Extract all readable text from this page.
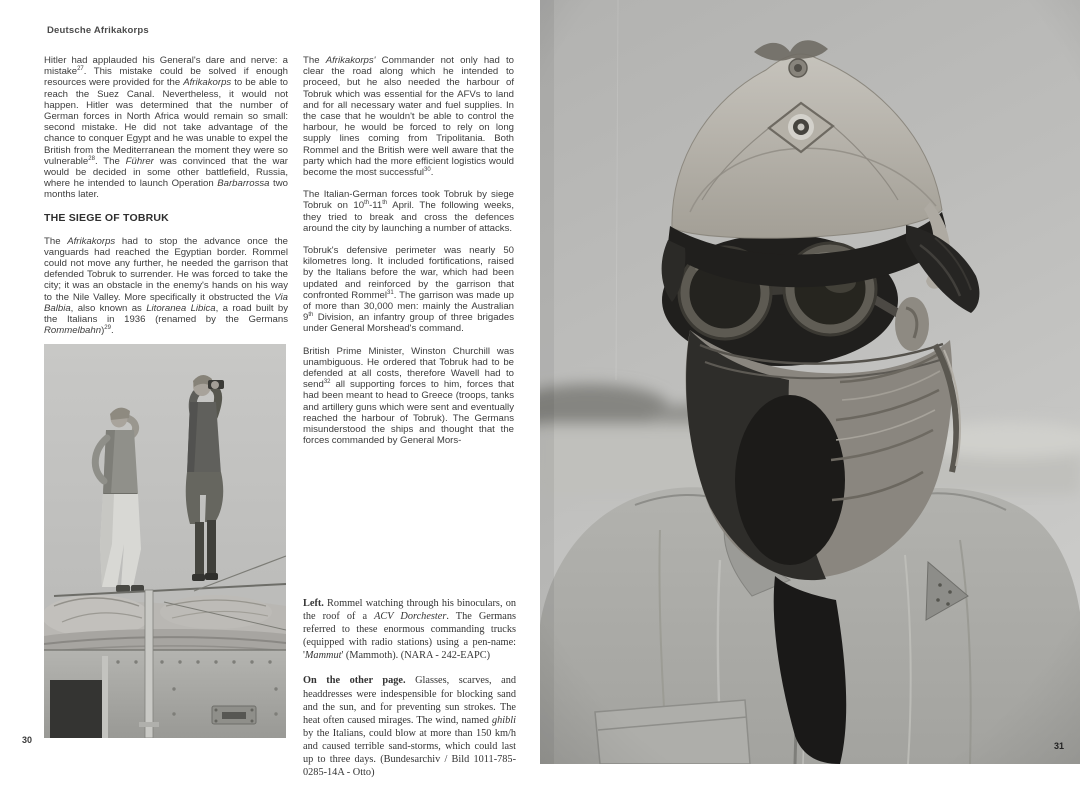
Deutsche Afrikakorps

Hitler had applauded his General's dare and nerve: a mistake$^{27}$. This mistake could be solved if enough resources were provided for the Afrikakorps to be able to reach the Suez Canal. Nevertheless, it would not happen. Hitler was determined that the number of German forces in North Africa would remain so small: second mistake. He did not take advantage of the chance to conquer Egypt and he was unable to expel the British from the Mediterranean the moment they were so vulnerable$^{28}$. The Führer was convinced that the war would be decided in some other battlefield, Russia, where he intended to launch Operation Barbarrossa two months later.

THE SIEGE OF TOBRUK

The Afrikakorps had to stop the advance once the vanguards had reached the Egyptian border. Rommel could not move any further, he needed the garrison that defended Tobruk to surrender. He was forced to take the city; it was an obstacle in the enemy's hands on his way to the Nile Valley. More specifically it obstructed the Via Balbia, also known as Litoranea Libica, a road built by the Italians in 1936 (renamed by the Germans Rommelbahn)$^{29}$.

The Afrikakorps' Commander not only had to clear the road along which he intended to proceed, but he also needed the harbour of Tobruk which was essential for the AFVs to land and for all necessary water and fuel supplies. In the case that he wouldn't be able to control the harbour, he would be forced to rely on long supply lines coming from Tripolitania. Both Rommel and the British were well aware that the party which had the more efficient logistics would become the most successful$^{30}$.

The Italian-German forces took Tobruk by siege Tobruk on 10th-11th April. The following weeks, they tried to break and cross the defences around the city by launching a number of attacks.

Tobruk's defensive perimeter was nearly 50 kilometres long. It included fortifications, raised by the Italians before the war, which had been updated and reinforced by the garrison that confronted Rommel$^{31}$. The garrison was made up of more than 30,000 men: mainly the Australian 9th Division, an infantry group of three brigades under General Morshead's command.

British Prime Minister, Winston Churchill was unambiguous. He ordered that Tobruk had to be defended at all costs, therefore Wavell had to send$^{32}$ all supporting forces to him, forces that had been meant to head to Greece (troops, tanks and artillery guns which were sent and eventually reached the harbour of Tobruk). The Germans misunderstood the ships and thought that the forces commanded by General Mors-

Left. Rommel watching through his binoculars, on the roof of a ACV Dorchester. The Germans referred to these enormous commanding trucks (equipped with radio stations) using a pen-name: 'Mammut' (Mammoth). (NARA - 242-EAPC)

On the other page. Glasses, scarves, and headdresses were indespensible for blocking sand and the sun, and for preventing sun strokes. The heat often caused mirages. The wind, named ghibli by the Italians, could blow at more than 150 km/h and caused terrible sand-storms, which could last up to three days. (Bundesarchiv / Bild 1011-785-0285-14A - Otto)

30
31
